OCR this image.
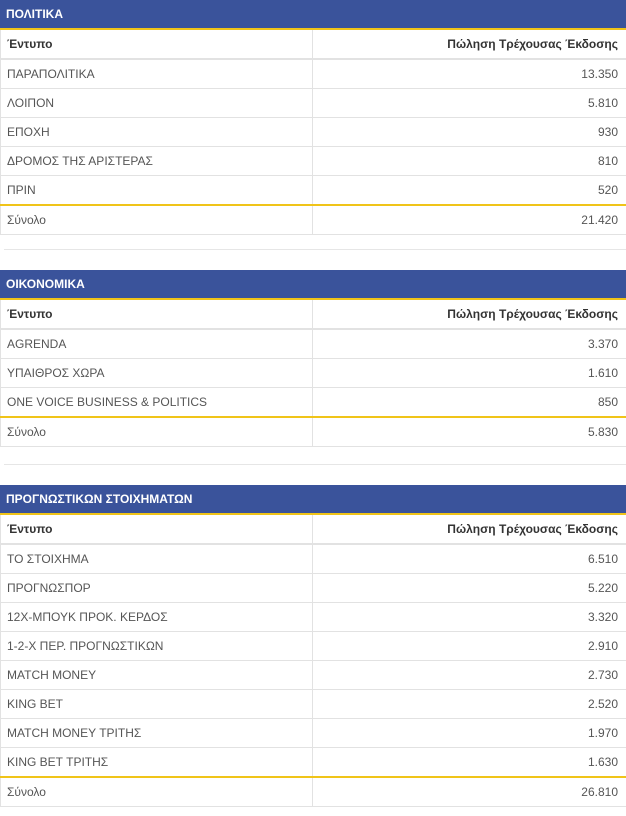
ΠΟΛΙΤΙΚΑ
Έντυπο	Πώληση Τρέχουσας Έκδοσης
ΠΑΡΑΠΟΛΙΤΙΚΑ	13.350
ΛΟΙΠΟΝ	5.810
ΕΠΟΧΗ	930
ΔΡΟΜΟΣ ΤΗΣ ΑΡΙΣΤΕΡΑΣ	810
ΠΡΙΝ	520
Σύνολο	21.420
ΟΙΚΟΝΟΜΙΚΑ
Έντυπο	Πώληση Τρέχουσας Έκδοσης
AGRENDA	3.370
ΥΠΑΙΘΡΟΣ ΧΩΡΑ	1.610
ONE VOICE BUSINESS & POLITICS	850
Σύνολο	5.830
ΠΡΟΓΝΩΣΤΙΚΩΝ ΣΤΟΙΧΗΜΑΤΩΝ
Έντυπο	Πώληση Τρέχουσας Έκδοσης
ΤΟ ΣΤΟΙΧΗΜΑ	6.510
ΠΡΟΓΝΩΣΠΟΡ	5.220
12Χ-ΜΠΟΥΚ ΠΡΟΚ. ΚΕΡΔΟΣ	3.320
1-2-Χ ΠΕΡ. ΠΡΟΓΝΩΣΤΙΚΩΝ	2.910
MATCH MONEY	2.730
KING BET	2.520
MATCH MONEY ΤΡΙΤΗΣ	1.970
KING BET ΤΡΙΤΗΣ	1.630
Σύνολο	26.810
